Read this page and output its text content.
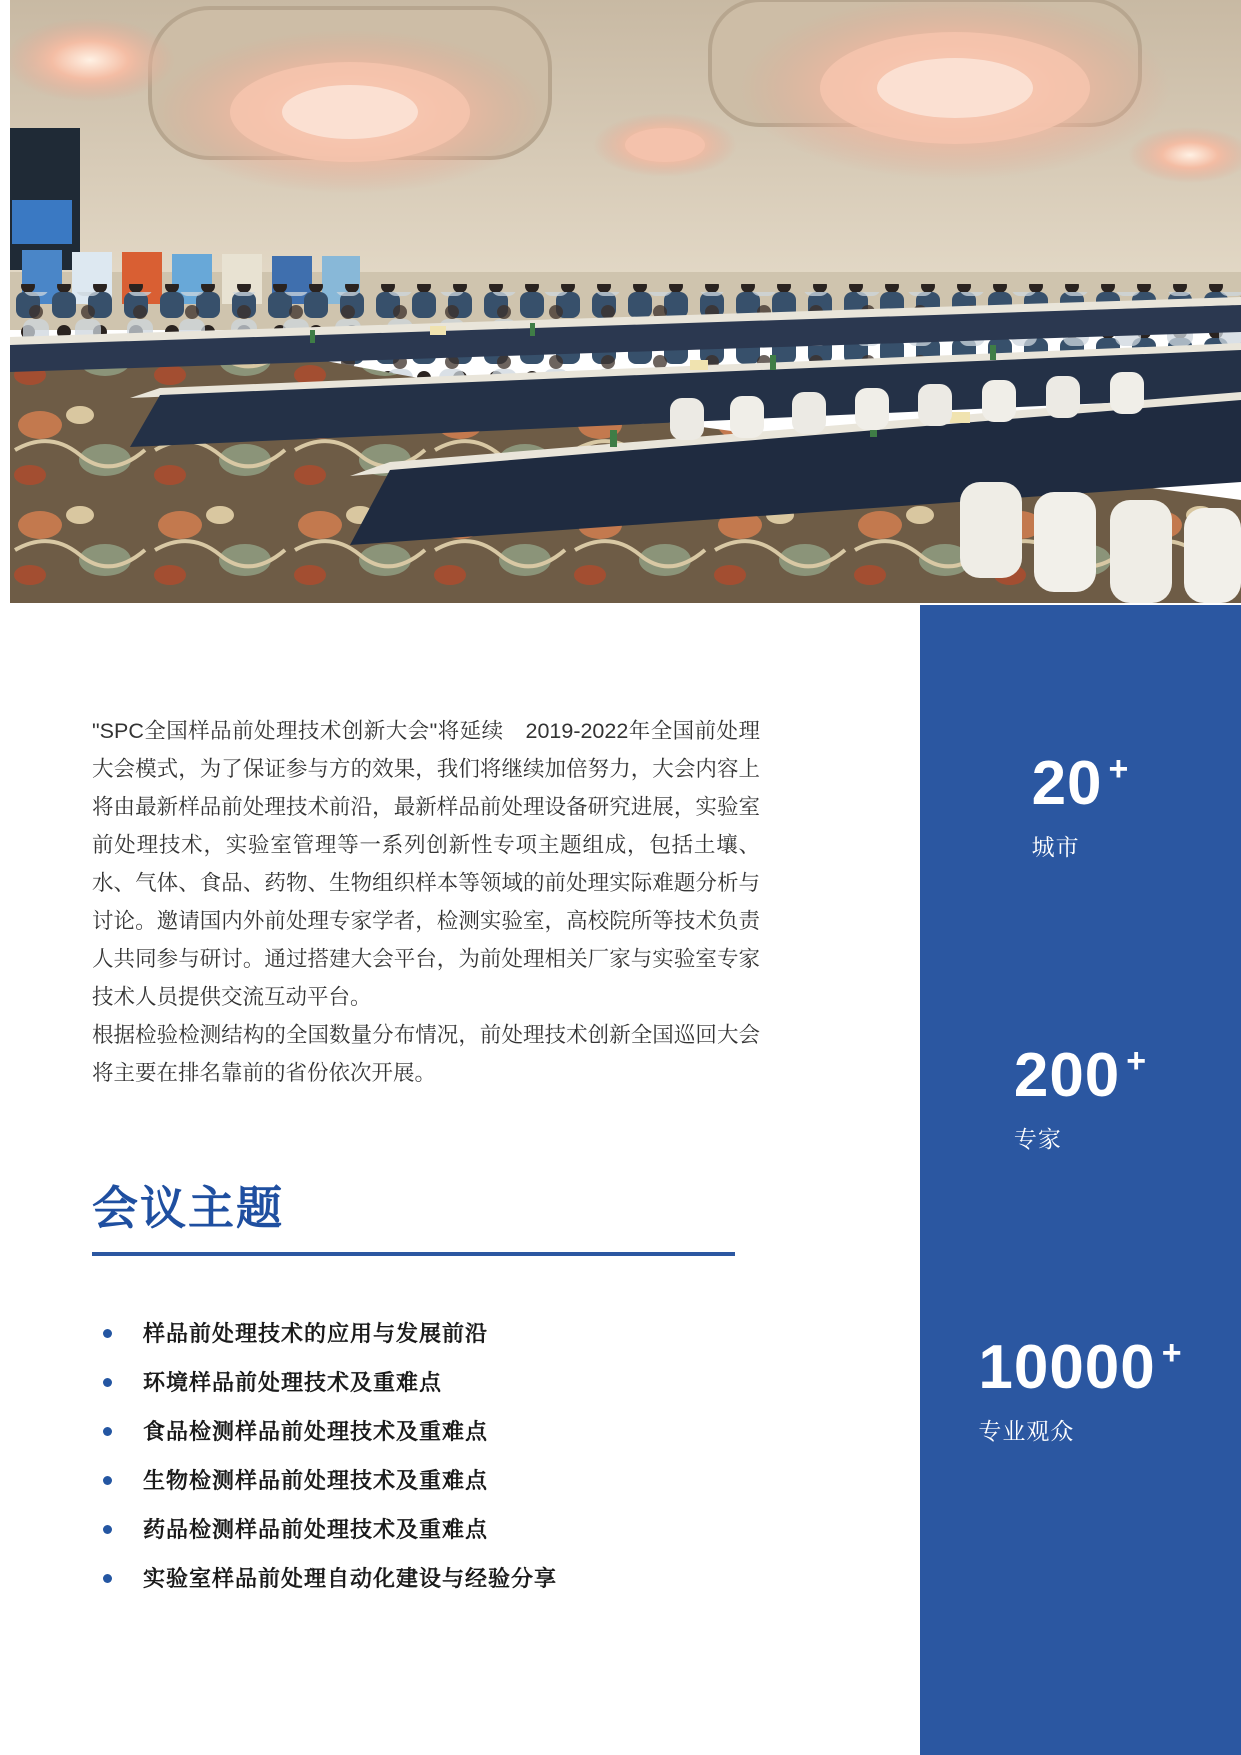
20 +
城市
200 +
专家
10000 +
专业观众

"SPC全国样品前处理技术创新大会"将延续　2019-2022年全国前处理大会模式，为了保证参与方的效果，我们将继续加倍努力，大会内容上将由最新样品前处理技术前沿，最新样品前处理设备研究进展，实验室前处理技术，实验室管理等一系列创新性专项主题组成，包括土壤、水、气体、食品、药物、生物组织样本等领域的前处理实际难题分析与讨论。邀请国内外前处理专家学者，检测实验室，高校院所等技术负责人共同参与研讨。通过搭建大会平台，为前处理相关厂家与实验室专家技术人员提供交流互动平台。

根据检验检测结构的全国数量分布情况，前处理技术创新全国巡回大会将主要在排名靠前的省份依次开展。

会议主题
样品前处理技术的应用与发展前沿
环境样品前处理技术及重难点
食品检测样品前处理技术及重难点
生物检测样品前处理技术及重难点
药品检测样品前处理技术及重难点
实验室样品前处理自动化建设与经验分享
